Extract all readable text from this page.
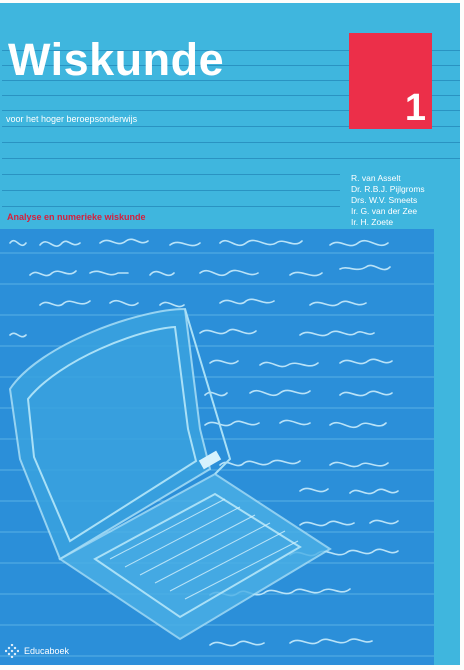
1
Wiskunde
voor het hoger beroepsonderwijs
R. van Asselt
Dr. R.B.J. Pijlgroms
Drs. W.V. Smeets
Ir. G. van der Zee
Ir. H. Zoete
Analyse en numerieke wiskunde
Educaboek
